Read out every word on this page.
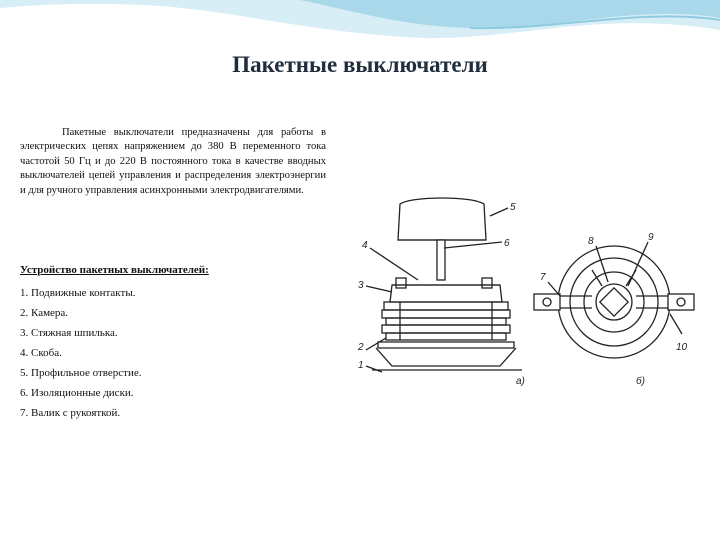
Пакетные выключатели

Пакетные выключатели предназначены для работы в электрических цепях напряжением до 380 В переменного тока частотой 50 Гц и до 220 В постоянного тока в качестве вводных выключателей цепей управления и распределения электроэнергии и для ручного управления асинхронными электродвигателями.

Устройство пакетных выключателей:
1. Подвижные контакты.
2. Камера.
3. Стяжная шпилька.
4. Скоба.
5. Профильное отверстие.
6. Изоляционные диски.
7. Валик с рукояткой.
5
4	6
3
2
1
а)
8	9
7
10
б)
